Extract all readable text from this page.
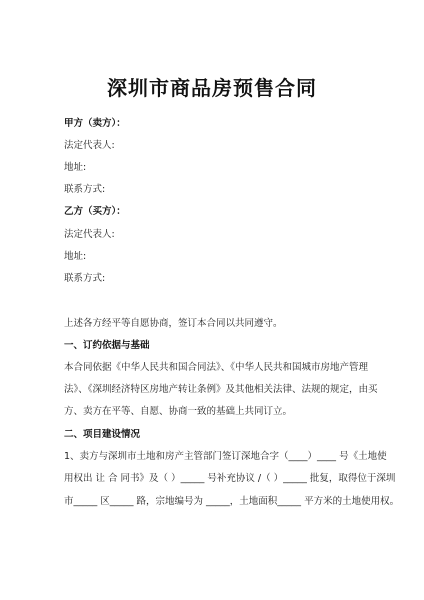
深圳市商品房预售合同
甲方（卖方）：
法定代表人:
地址:
联系方式:
乙方（买方）：
法定代表人:
地址:
联系方式:
上述各方经平等自愿协商，签订本合同以共同遵守。
一、订约依据与基础
本合同依据《中华人民共和国合同法》、《中华人民共和国城市房地产管理
法》、《深圳经济特区房地产转让条例》及其他相关法律、法规的规定，由买
方、卖方在平等、自愿、协商一致的基础上共同订立。
二、项目建设情况
1、卖方与深圳市土地和房产主管部门签订深地合字（____）____ 号《土地使
用权出 让 合 同书》及（ ）_____ 号补充协议 /（ ）_____ 批复，取得位于深圳
市_____ 区_____ 路，宗地编号为 _____，土地面积_____ 平方米的土地使用权。
